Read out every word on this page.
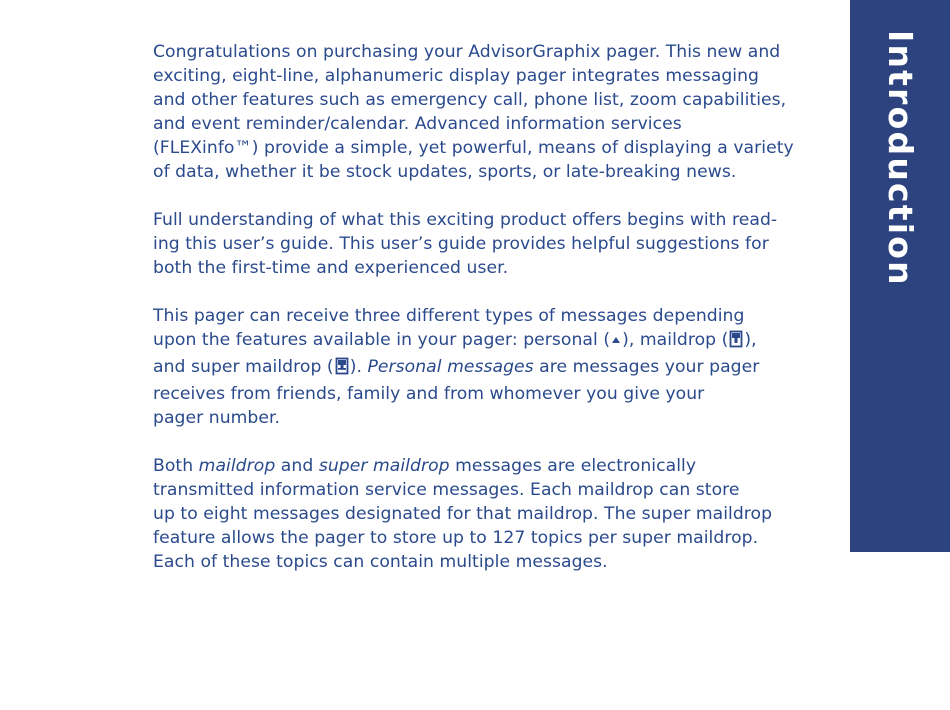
Congratulations on purchasing your AdvisorGraphix pager. This new and
exciting, eight-line, alphanumeric display pager integrates messaging
and other features such as emergency call, phone list, zoom capabilities,
and event reminder/calendar. Advanced information services
(FLEXinfo™) provide a simple, yet powerful, means of displaying a variety
of data, whether it be stock updates, sports, or late-breaking news.
Full understanding of what this exciting product offers begins with read-
ing this user’s guide. This user’s guide provides helpful suggestions for
both the first-time and experienced user.
This pager can receive three different types of messages depending
upon the features available in your pager: personal ( ), maildrop ( ),
and super maildrop ( ). Personal messages are messages your pager
receives from friends, family and from whomever you give your
pager number.
Both maildrop and super maildrop messages are electronically
transmitted information service messages. Each maildrop can store
up to eight messages designated for that maildrop. The super maildrop
feature allows the pager to store up to 127 topics per super maildrop.
Each of these topics can contain multiple messages.
Introduction
